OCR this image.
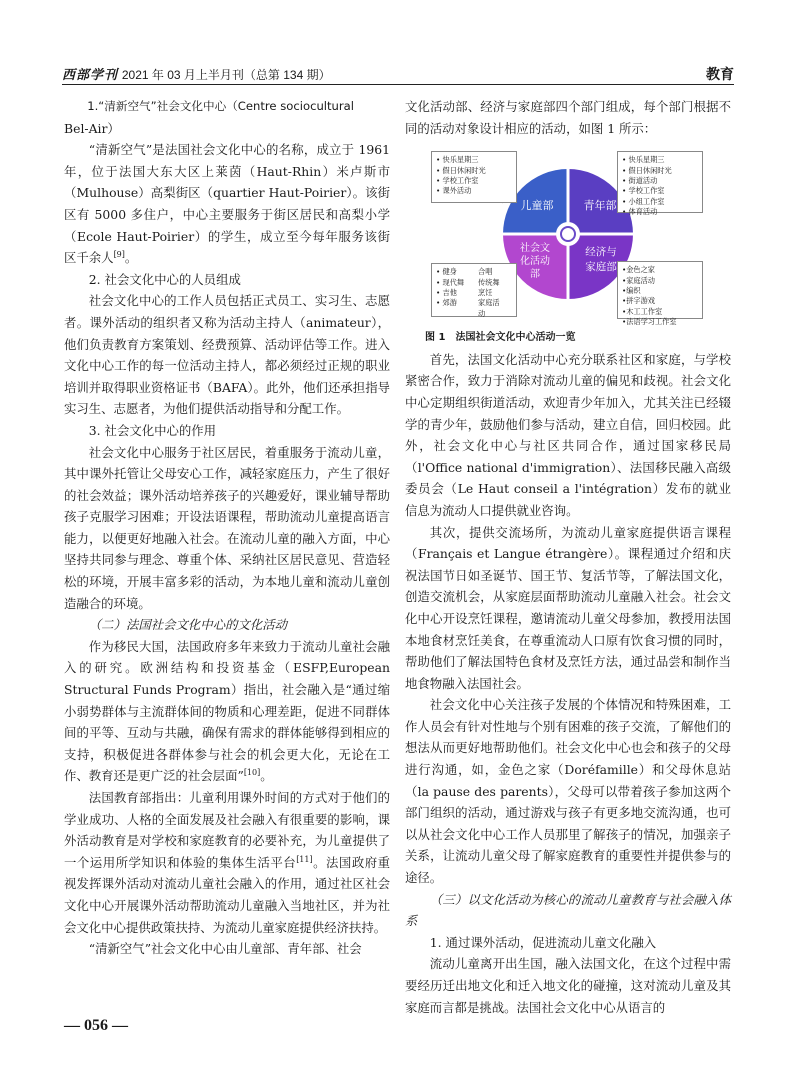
西部学刊 2021 年 03 月上半月刊（总第 134 期）	教育

1.“清新空气”社会文化中心（Centre sociocultural

Bel-Air）

“清新空气”是法国社会文化中心的名称，成立于 1961 年，位于法国大东大区上莱茵（Haut-Rhin）米卢斯市（Mulhouse）高梨街区（quartier Haut-Poirier）。该街区有 5000 多住户，中心主要服务于街区居民和高梨小学（Ecole Haut-Poirier）的学生，成立至今每年服务该街区千余人[9]。

2. 社会文化中心的人员组成

社会文化中心的工作人员包括正式员工、实习生、志愿者。课外活动的组织者又称为活动主持人（animateur），他们负责教育方案策划、经费预算、活动评估等工作。进入文化中心工作的每一位活动主持人，都必须经过正规的职业培训并取得职业资格证书（BAFA）。此外，他们还承担指导实习生、志愿者，为他们提供活动指导和分配工作。

3. 社会文化中心的作用

社会文化中心服务于社区居民，着重服务于流动儿童，其中课外托管让父母安心工作，减轻家庭压力，产生了很好的社会效益；课外活动培养孩子的兴趣爱好，课业辅导帮助孩子克服学习困难；开设法语课程，帮助流动儿童提高语言能力，以便更好地融入社会。在流动儿童的融入方面，中心坚持共同参与理念、尊重个体、采纳社区居民意见、营造轻松的环境，开展丰富多彩的活动，为本地儿童和流动儿童创造融合的环境。

（二）法国社会文化中心的文化活动

作为移民大国，法国政府多年来致力于流动儿童社会融入的研究。欧洲结构和投资基金（ESFP,European Structural Funds Program）指出，社会融入是“通过缩小弱势群体与主流群体间的物质和心理差距，促进不同群体间的平等、互动与共融，确保有需求的群体能够得到相应的支持，积极促进各群体参与社会的机会更大化，无论在工作、教育还是更广泛的社会层面”[10]。

法国教育部指出：儿童利用课外时间的方式对于他们的学业成功、人格的全面发展及社会融入有很重要的影响，课外活动教育是对学校和家庭教育的必要补充，为儿童提供了一个运用所学知识和体验的集体生活平台[11]。法国政府重视发挥课外活动对流动儿童社会融入的作用，通过社区社会文化中心开展课外活动帮助流动儿童融入当地社区，并为社会文化中心提供政策扶持、为流动儿童家庭提供经济扶持。

“清新空气”社会文化中心由儿童部、青年部、社会

文化活动部、经济与家庭部四个部门组成，每个部门根据不同的活动对象设计相应的活动，如图 1 所示：

儿童部	青年部
经济与
家庭部
社会文
化活动
部
• 快乐星期三
• 假日休闲时光
• 学校工作室
• 课外活动
• 快乐星期三
• 假日休闲时光
• 街道活动
• 学校工作室
• 小组工作室
• 体育活动
• 健身	合唱
• 现代舞	传统舞
• 吉他	烹饪
• 郊游	家庭活
动
•金色之家
•家庭活动
•编织
•拼字游戏
•木工工作室
•法语学习工作室

图 1　法国社会文化中心活动一览

首先，法国文化活动中心充分联系社区和家庭，与学校紧密合作，致力于消除对流动儿童的偏见和歧视。社会文化中心定期组织街道活动，欢迎青少年加入，尤其关注已经辍学的青少年，鼓励他们参与活动，建立自信，回归校园。此外，社会文化中心与社区共同合作，通过国家移民局（l'Office national d'immigration）、法国移民融入高级委员会（Le Haut conseil a l'intégration）发布的就业信息为流动人口提供就业咨询。

其次，提供交流场所，为流动儿童家庭提供语言课程（Français et Langue étrangère）。课程通过介绍和庆祝法国节日如圣诞节、国王节、复活节等，了解法国文化，创造交流机会，从家庭层面帮助流动儿童融入社会。社会文化中心开设烹饪课程，邀请流动儿童父母参加，教授用法国本地食材烹饪美食，在尊重流动人口原有饮食习惯的同时，帮助他们了解法国特色食材及烹饪方法，通过品尝和制作当地食物融入法国社会。

社会文化中心关注孩子发展的个体情况和特殊困难，工作人员会有针对性地与个别有困难的孩子交流，了解他们的想法从而更好地帮助他们。社会文化中心也会和孩子的父母进行沟通，如，金色之家（Doréfamille）和父母休息站（la pause des parents），父母可以带着孩子参加这两个部门组织的活动，通过游戏与孩子有更多地交流沟通，也可以从社会文化中心工作人员那里了解孩子的情况，加强亲子关系，让流动儿童父母了解家庭教育的重要性并提供参与的途径。

（三）以文化活动为核心的流动儿童教育与社会融入体系

1. 通过课外活动，促进流动儿童文化融入

流动儿童离开出生国，融入法国文化，在这个过程中需要经历迁出地文化和迁入地文化的碰撞，这对流动儿童及其家庭而言都是挑战。法国社会文化中心从语言的

— 056 —
